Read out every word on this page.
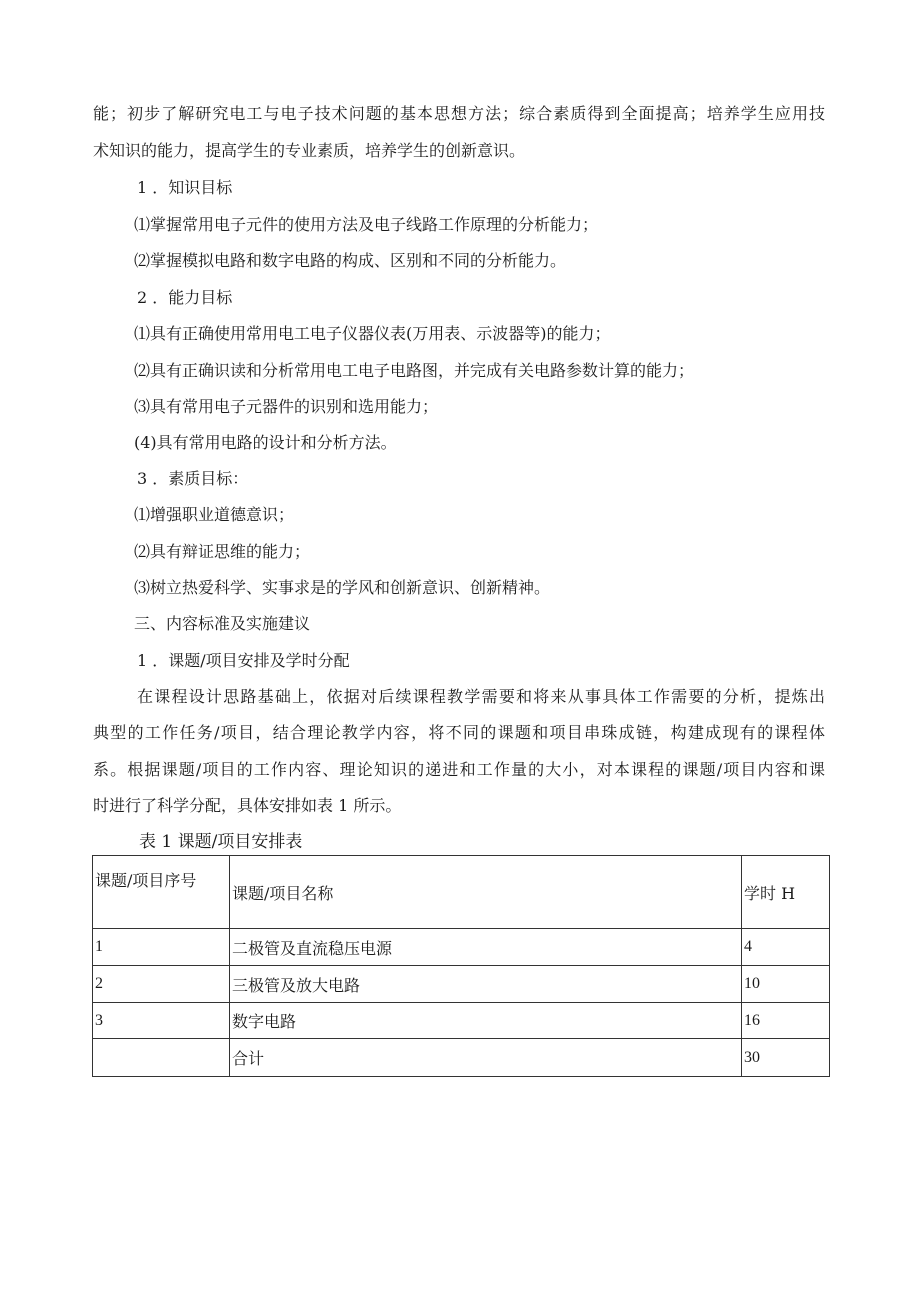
能；初步了解研究电工与电子技术问题的基本思想方法；综合素质得到全面提高；培养学生应用技
术知识的能力，提高学生的专业素质，培养学生的创新意识。
1 ．知识目标
⑴掌握常用电子元件的使用方法及电子线路工作原理的分析能力；
⑵掌握模拟电路和数字电路的构成、区别和不同的分析能力。
2 ．能力目标
⑴具有正确使用常用电工电子仪器仪表(万用表、示波器等)的能力；
⑵具有正确识读和分析常用电工电子电路图，并完成有关电路参数计算的能力；
⑶具有常用电子元器件的识别和选用能力；
(4)具有常用电路的设计和分析方法。
3 ．素质目标：
⑴增强职业道德意识；
⑵具有辩证思维的能力；
⑶树立热爱科学、实事求是的学风和创新意识、创新精神。
三、内容标准及实施建议
1 ．课题/项目安排及学时分配
在课程设计思路基础上，依据对后续课程教学需要和将来从事具体工作需要的分析，提炼出
典型的工作任务/项目，结合理论教学内容，将不同的课题和项目串珠成链，构建成现有的课程体
系。根据课题/项目的工作内容、理论知识的递进和工作量的大小，对本课程的课题/项目内容和课
时进行了科学分配，具体安排如表 1 所示。
表 1 课题/项目安排表
课题/项目序号	课题/项目名称	学时 H
1	二极管及直流稳压电源	4
2	三极管及放大电路	10
3	数字电路	16
	合计	30
